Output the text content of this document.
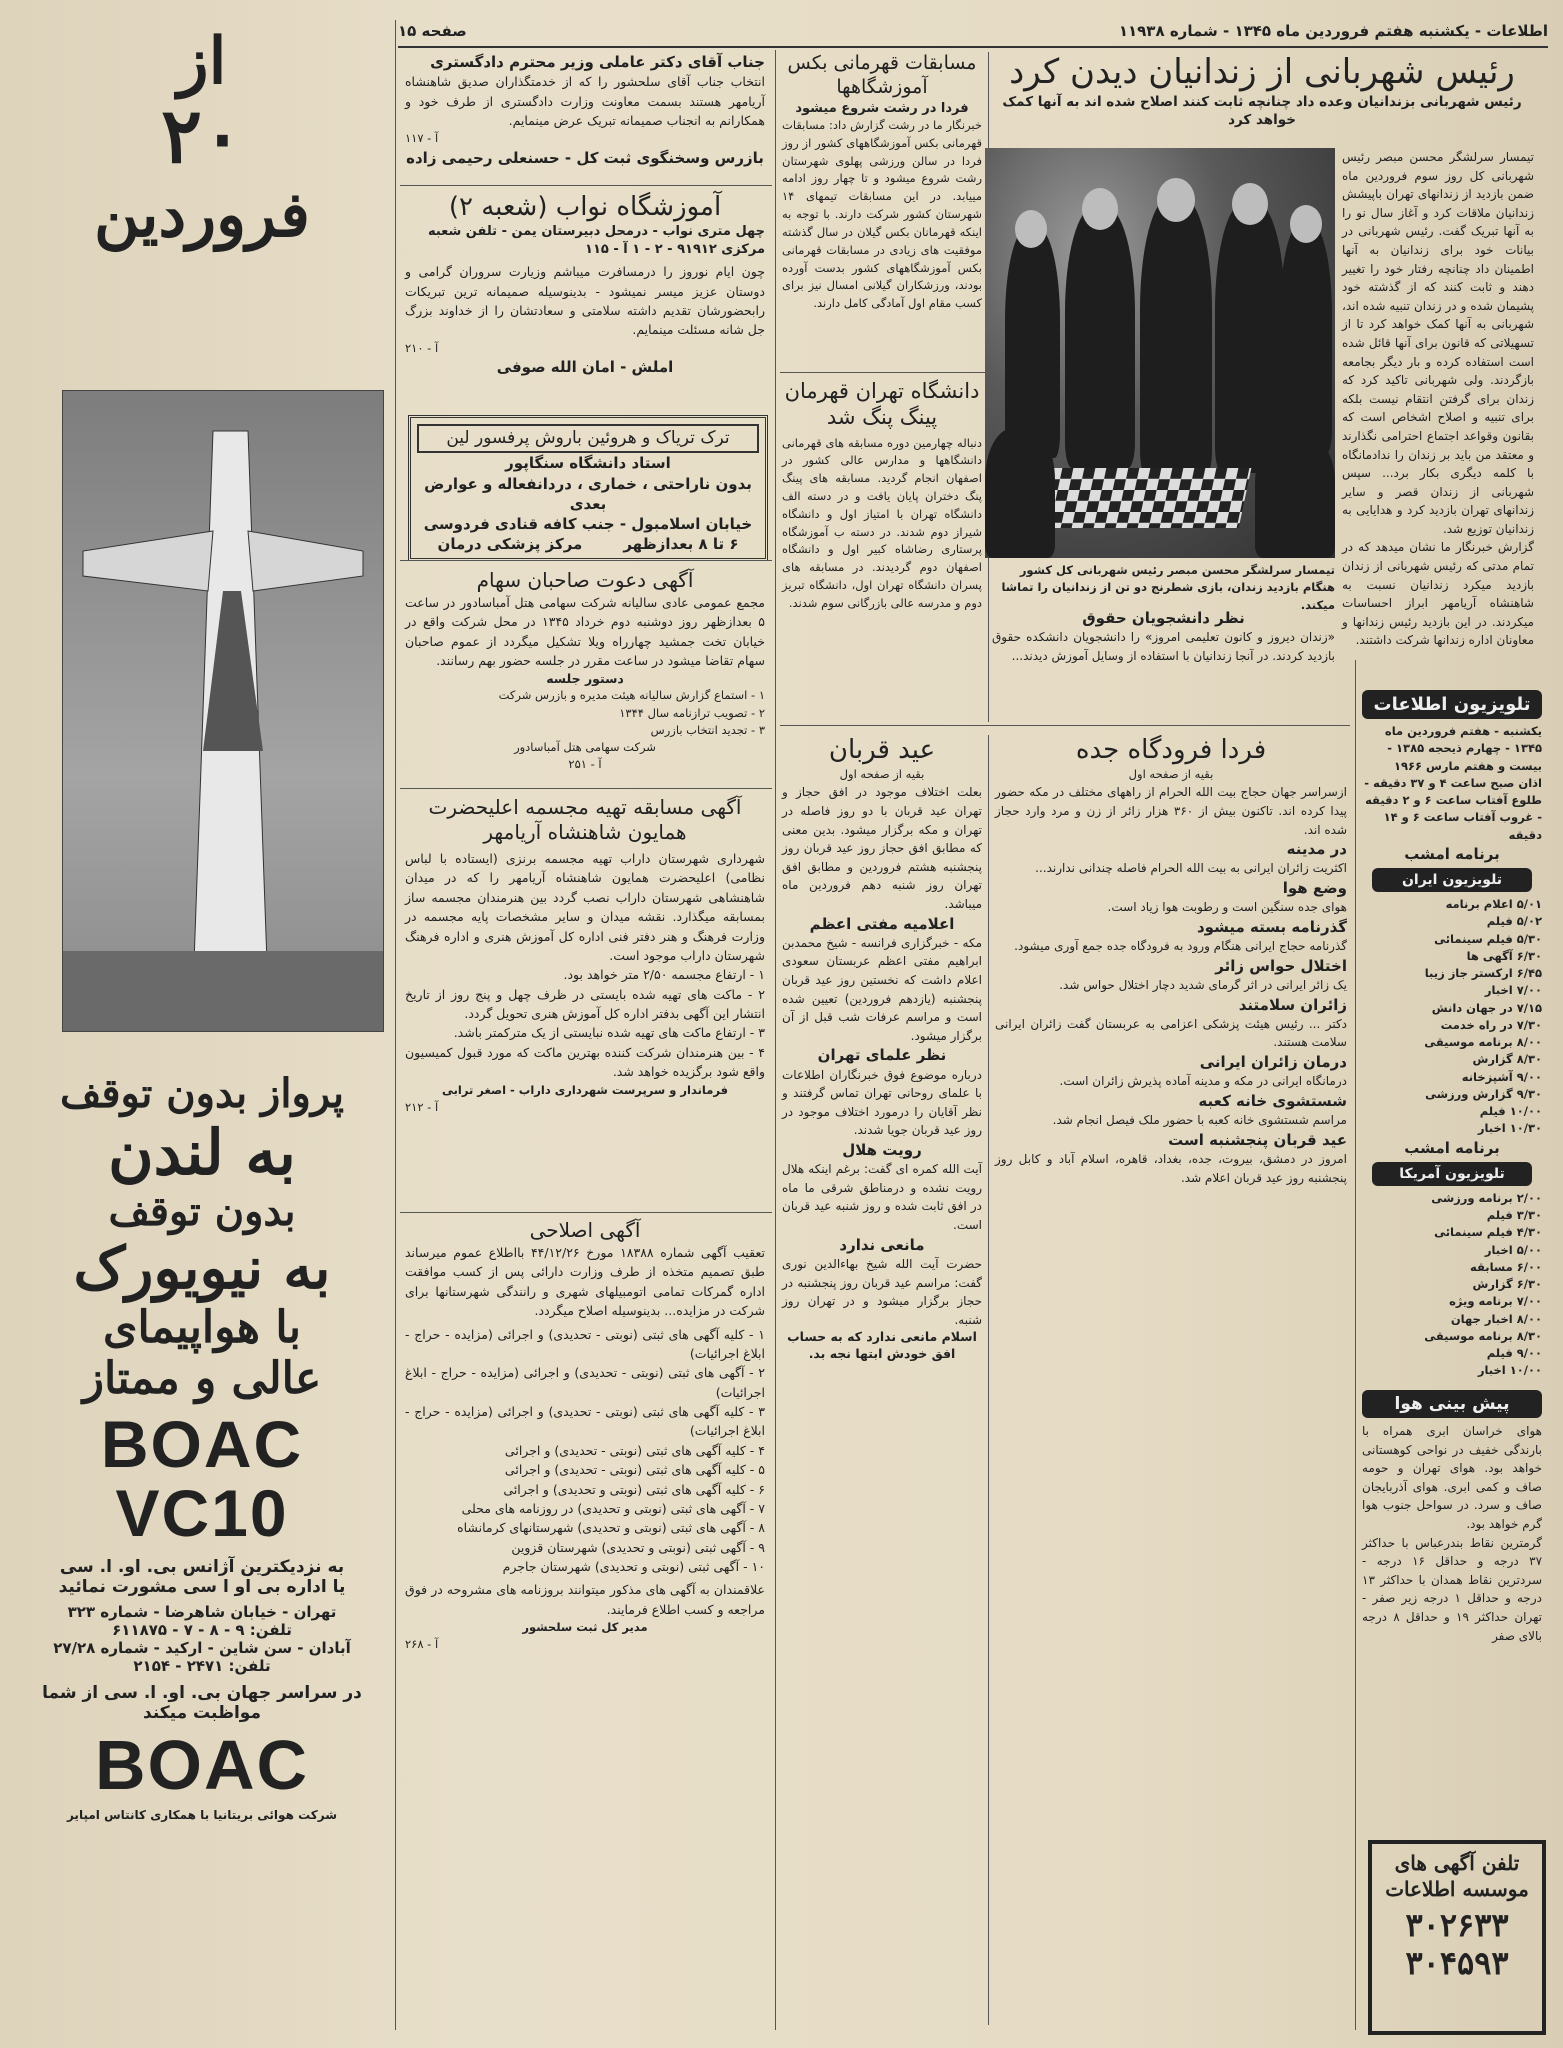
اطلاعات - یکشنبه هفتم فروردین ماه ۱۳۴۵ - شماره ۱۱۹۳۸
صفحه ۱۵
از
۲۰
فروردین
پرواز بدون توقف
به لندن
بدون توقف
به نیویورک
با هواپیمای
عالی و ممتاز
BOAC
VC10
به نزدیکترین آژانس بی. او. ا. سی
یا اداره بی او ا سی مشورت نمائید
تهران - خیابان شاهرضا - شماره ۳۲۳
تلفن: ۹ - ۸ - ۷ - ۶۱۱۸۷۵
آبادان - سن شاین - ارکید - شماره ۲۷/۲۸
تلفن: ۲۴۷۱ - ۲۱۵۴
در سراسر جهان بی. او. ا. سی از شما مواظبت میکند
BOAC
شرکت هوائی بریتانیا با همکاری کانتاس امپایر
جناب آقای دکتر عاملی وزیر محترم دادگستری
انتخاب جناب آقای سلحشور را که از خدمتگذاران صدیق شاهنشاه آریامهر هستند بسمت معاونت وزارت دادگستری از طرف خود و همکارانم به انجناب صمیمانه تبریک عرض مینمایم.
آ - ۱۱۷
بازرس وسخنگوی ثبت کل - حسنعلی رحیمی زاده
آموزشگاه نواب (شعبه ۲)
چهل متری نواب - درمحل دبیرستان یمن - تلفن شعبه مرکزی ۹۱۹۱۲ - ۲ - ۱ آ - ۱۱۵
چون ایام نوروز را درمسافرت میباشم وزیارت سروران گرامی و دوستان عزیز میسر نمیشود - بدینوسیله صمیمانه ترین تبریکات رابحضورشان تقدیم داشته سلامتی و سعادتشان را از خداوند بزرگ جل شانه مسئلت مینمایم.
آ - ۲۱۰
املش - امان الله صوفی
ترک تریاک و هروئین باروش پرفسور لین
استاد دانشگاه سنگاپور
بدون ناراحتی ، خماری ، دردانفعاله و عوارض بعدی
خیابان اسلامبول - جنب کافه قنادی فردوسی
۶ تا ۸ بعدازظهر
مرکز پزشکی درمان
آگهی دعوت صاحبان سهام
مجمع عمومی عادی سالیانه شرکت سهامی هتل آمباسادور در ساعت ۵ بعدازظهر روز دوشنبه دوم خرداد ۱۳۴۵ در محل شرکت واقع در خیابان تخت جمشید چهارراه ویلا تشکیل میگردد از عموم صاحبان سهام تقاضا میشود در ساعت مقرر در جلسه حضور بهم رسانند.
دستور جلسه
۱ - استماع گزارش سالیانه هیئت مدیره و بازرس شرکت
۲ - تصویب ترازنامه سال ۱۳۴۴
۳ - تجدید انتخاب بازرس
شرکت سهامی هتل آمباسادور
آ - ۲۵۱
آگهی مسابقه تهیه مجسمه اعلیحضرت همایون شاهنشاه آریامهر
شهرداری شهرستان داراب تهیه مجسمه برنزی (ایستاده با لباس نظامی) اعلیحضرت همایون شاهنشاه آریامهر را که در میدان شاهنشاهی شهرستان داراب نصب گردد بین هنرمندان مجسمه ساز بمسابقه میگذارد. نقشه میدان و سایر مشخصات پایه مجسمه در وزارت فرهنگ و هنر دفتر فنی اداره کل آموزش هنری و اداره فرهنگ شهرستان داراب موجود است.
۱ - ارتفاع مجسمه ۲/۵۰ متر خواهد بود.
۲ - ماکت های تهیه شده بایستی در ظرف چهل و پنج روز از تاریخ انتشار این آگهی بدفتر اداره کل آموزش هنری تحویل گردد.
۳ - ارتفاع ماکت های تهیه شده نبایستی از یک مترکمتر باشد.
۴ - بین هنرمندان شرکت کننده بهترین ماکت که مورد قبول کمیسیون واقع شود برگزیده خواهد شد.
فرماندار و سرپرست شهرداری داراب - اصغر ترابی
آ - ۲۱۲
آگهی اصلاحی
تعقیب آگهی شماره ۱۸۳۸۸ مورخ ۴۴/۱۲/۲۶ بااطلاع عموم میرساند طبق تصمیم متخذه از طرف وزارت دارائی پس از کسب موافقت اداره گمرکات تمامی اتومبیلهای شهری و رانندگی شهرستانها برای شرکت در مزایده... بدینوسیله اصلاح میگردد.
۱ - کلیه آگهی های ثبتی (نوبتی - تحدیدی) و اجرائی (مزایده - حراج - ابلاغ اجرائیات)
۲ - آگهی های ثبتی (نوبتی - تحدیدی) و اجرائی (مزایده - حراج - ابلاغ اجرائیات)
۳ - کلیه آگهی های ثبتی (نوبتی - تحدیدی) و اجرائی (مزایده - حراج - ابلاغ اجرائیات)
۴ - کلیه آگهی های ثبتی (نوبتی - تحدیدی) و اجرائی
۵ - کلیه آگهی های ثبتی (نوبتی - تحدیدی) و اجرائی
۶ - کلیه آگهی های ثبتی (نوبتی و تحدیدی) و اجرائی
۷ - آگهی های ثبتی (نوبتی و تحدیدی) در روزنامه های محلی
۸ - آگهی های ثبتی (نوبتی و تحدیدی) شهرستانهای کرمانشاه
۹ - آگهی ثبتی (نوبتی و تحدیدی) شهرستان قزوین
۱۰ - آگهی ثبتی (نوبتی و تحدیدی) شهرستان جاجرم
علاقمندان به آگهی های مذکور میتوانند بروزنامه های مشروحه در فوق مراجعه و کسب اطلاع فرمایند.
مدیر کل ثبت سلحشور
آ - ۲۶۸
مسابقات قهرمانی بکس آموزشگاهها
فردا در رشت شروع میشود
خبرنگار ما در رشت گزارش داد: مسابقات قهرمانی بکس آموزشگاههای کشور از روز فردا در سالن ورزشی پهلوی شهرستان رشت شروع میشود و تا چهار روز ادامه مییابد. در این مسابقات تیمهای ۱۴ شهرستان کشور شرکت دارند. با توجه به اینکه قهرمانان بکس گیلان در سال گذشته موفقیت های زیادی در مسابقات قهرمانی بکس آموزشگاههای کشور بدست آورده بودند، ورزشکاران گیلانی امسال نیز برای کسب مقام اول آمادگی کامل دارند.
دانشگاه تهران قهرمان پینگ پنگ شد
دنباله چهارمین دوره مسابقه های قهرمانی دانشگاهها و مدارس عالی کشور در اصفهان انجام گردید. مسابقه های پینگ پنگ دختران پایان یافت و در دسته الف دانشگاه تهران با امتیاز اول و دانشگاه شیراز دوم شدند. در دسته ب آموزشگاه پرستاری رضاشاه کبیر اول و دانشگاه اصفهان دوم گردیدند. در مسابقه های پسران دانشگاه تهران اول، دانشگاه تبریز دوم و مدرسه عالی بازرگانی سوم شدند.
رئیس شهربانی از زندانیان دیدن کرد
رئیس شهربانی بزندانیان وعده داد چنانچه ثابت کنند اصلاح شده اند به آنها کمک خواهد کرد
تیمسار سرلشگر محسن مبصر رئیس شهربانی کل کشور هنگام بازدید زندان، بازی شطرنج دو تن از زندانیان را تماشا میکند.
تیمسار سرلشگر محسن مبصر رئیس شهربانی کل روز سوم فروردین ماه ضمن بازدید از زندانهای تهران باپیشش زندانیان ملاقات کرد و آغاز سال نو را به آنها تبریک گفت. رئیس شهربانی در بیانات خود برای زندانیان به آنها اطمینان داد چنانچه رفتار خود را تغییر دهند و ثابت کنند که از گذشته خود پشیمان شده و در زندان تنبیه شده اند، شهربانی به آنها کمک خواهد کرد تا از تسهیلاتی که قانون برای آنها قائل شده است استفاده کرده و بار دیگر بجامعه بازگردند. ولی شهربانی تاکید کرد که زندان برای گرفتن انتقام نیست بلکه برای تنبیه و اصلاح اشخاص است که بقانون وقواعد اجتماع احترامی نگذارند و معتقد من باید بر زندان را ندادمانگاه با کلمه دیگری بکار برد... سپس شهربانی از زندان قصر و سایر زندانهای تهران بازدید کرد و هدایایی به زندانیان توزیع شد.
گزارش خبرنگار ما نشان میدهد که در تمام مدتی که رئیس شهربانی از زندان بازدید میکرد زندانیان نسبت به شاهنشاه آریامهر ابراز احساسات میکردند. در این بازدید رئیس زندانها و معاونان اداره زندانها شرکت داشتند.
نظر دانشجویان حقوق
«زندان دیروز و کانون تعلیمی امروز» را دانشجویان دانشکده حقوق بازدید کردند. در آنجا زندانیان با استفاده از وسایل آموزش دیدند...
عید قربان
بقیه از صفحه اول
بعلت اختلاف موجود در افق حجاز و تهران عید قربان با دو روز فاصله در تهران و مکه برگزار میشود. بدین معنی که مطابق افق حجاز روز عید قربان روز پنجشنبه هشتم فروردین و مطابق افق تهران روز شنبه دهم فروردین ماه میباشد.
اعلامیه مفتی اعظم
مکه - خبرگزاری فرانسه - شیخ محمدبن ابراهیم مفتی اعظم عربستان سعودی اعلام داشت که نخستین روز عید قربان پنجشنبه (یازدهم فروردین) تعیین شده است و مراسم عرفات شب قبل از آن برگزار میشود.
نظر علمای تهران
درباره موضوع فوق خبرنگاران اطلاعات با علمای روحانی تهران تماس گرفتند و نظر آقایان را درمورد اختلاف موجود در روز عید قربان جویا شدند.
رویت هلال
آیت الله کمره ای گفت: برغم اینکه هلال رویت نشده و درمناطق شرقی ما ماه در افق ثابت شده و روز شنبه عید قربان است.
مانعی ندارد
حضرت آیت الله شیخ بهاءالدین نوری گفت: مراسم عید قربان روز پنجشنبه در حجاز برگزار میشود و در تهران روز شنبه.
اسلام مانعی ندارد که به حساب افق خودش ابتها نجه بد.
فردا فرودگاه جده
بقیه از صفحه اول
ازسراسر جهان حجاج بیت الله الحرام از راههای مختلف در مکه حضور پیدا کرده اند. تاکنون بیش از ۳۶۰ هزار زائر از زن و مرد وارد حجاز شده اند.
در مدینه
اکثریت زائران ایرانی به بیت الله الحرام فاصله چندانی ندارند...
وضع هوا
هوای جده سنگین است و رطوبت هوا زیاد است.
گذرنامه بسته میشود
گذرنامه حجاج ایرانی هنگام ورود به فرودگاه جده جمع آوری میشود.
اختلال حواس زائر
یک زائر ایرانی در اثر گرمای شدید دچار اختلال حواس شد.
زائران سلامتند
دکتر ... رئیس هیئت پزشکی اعزامی به عربستان گفت زائران ایرانی سلامت هستند.
درمان زائران ایرانی
درمانگاه ایرانی در مکه و مدینه آماده پذیرش زائران است.
شستشوی خانه کعبه
مراسم شستشوی خانه کعبه با حضور ملک فیصل انجام شد.
عید قربان پنجشنبه است
امروز در دمشق، بیروت، جده، بغداد، قاهره، اسلام آباد و کابل روز پنجشنبه روز عید قربان اعلام شد.
تلویزیون اطلاعات
یکشنبه - هفتم فروردین ماه ۱۳۴۵ - چهارم ذیحجه ۱۳۸۵ - بیست و هفتم مارس ۱۹۶۶
اذان صبح ساعت ۴ و ۳۷ دقیقه - طلوع آفتاب ساعت ۶ و ۲ دقیقه - غروب آفتاب ساعت ۶ و ۱۴ دقیقه
برنامه امشب
تلویزیون ایران
۵/۰۱ اعلام برنامه
۵/۰۲ فیلم
۵/۳۰ فیلم سینمائی
۶/۳۰ آگهی ها
۶/۴۵ ارکستر جاز زیبا
۷/۰۰ اخبار
۷/۱۵ در جهان دانش
۷/۳۰ در راه خدمت
۸/۰۰ برنامه موسیقی
۸/۳۰ گزارش
۹/۰۰ آشپزخانه
۹/۳۰ گزارش ورزشی
۱۰/۰۰ فیلم
۱۰/۳۰ اخبار
برنامه امشب
تلویزیون آمریکا
۲/۰۰ برنامه ورزشی
۳/۳۰ فیلم
۴/۳۰ فیلم سینمائی
۵/۰۰ اخبار
۶/۰۰ مسابقه
۶/۳۰ گزارش
۷/۰۰ برنامه ویژه
۸/۰۰ اخبار جهان
۸/۳۰ برنامه موسیقی
۹/۰۰ فیلم
۱۰/۰۰ اخبار
پیش بینی هوا
هوای خراسان ابری همراه با بارندگی خفیف در نواحی کوهستانی خواهد بود. هوای تهران و حومه صاف و کمی ابری. هوای آذربایجان صاف و سرد. در سواحل جنوب هوا گرم خواهد بود.
گرمترین نقاط بندرعباس با حداکثر ۳۷ درجه و حداقل ۱۶ درجه - سردترین نقاط همدان با حداکثر ۱۳ درجه و حداقل ۱ درجه زیر صفر - تهران حداکثر ۱۹ و حداقل ۸ درجه بالای صفر
تلفن آگهی های موسسه اطلاعات
۳۰۲۶۳۳
۳۰۴۵۹۳
